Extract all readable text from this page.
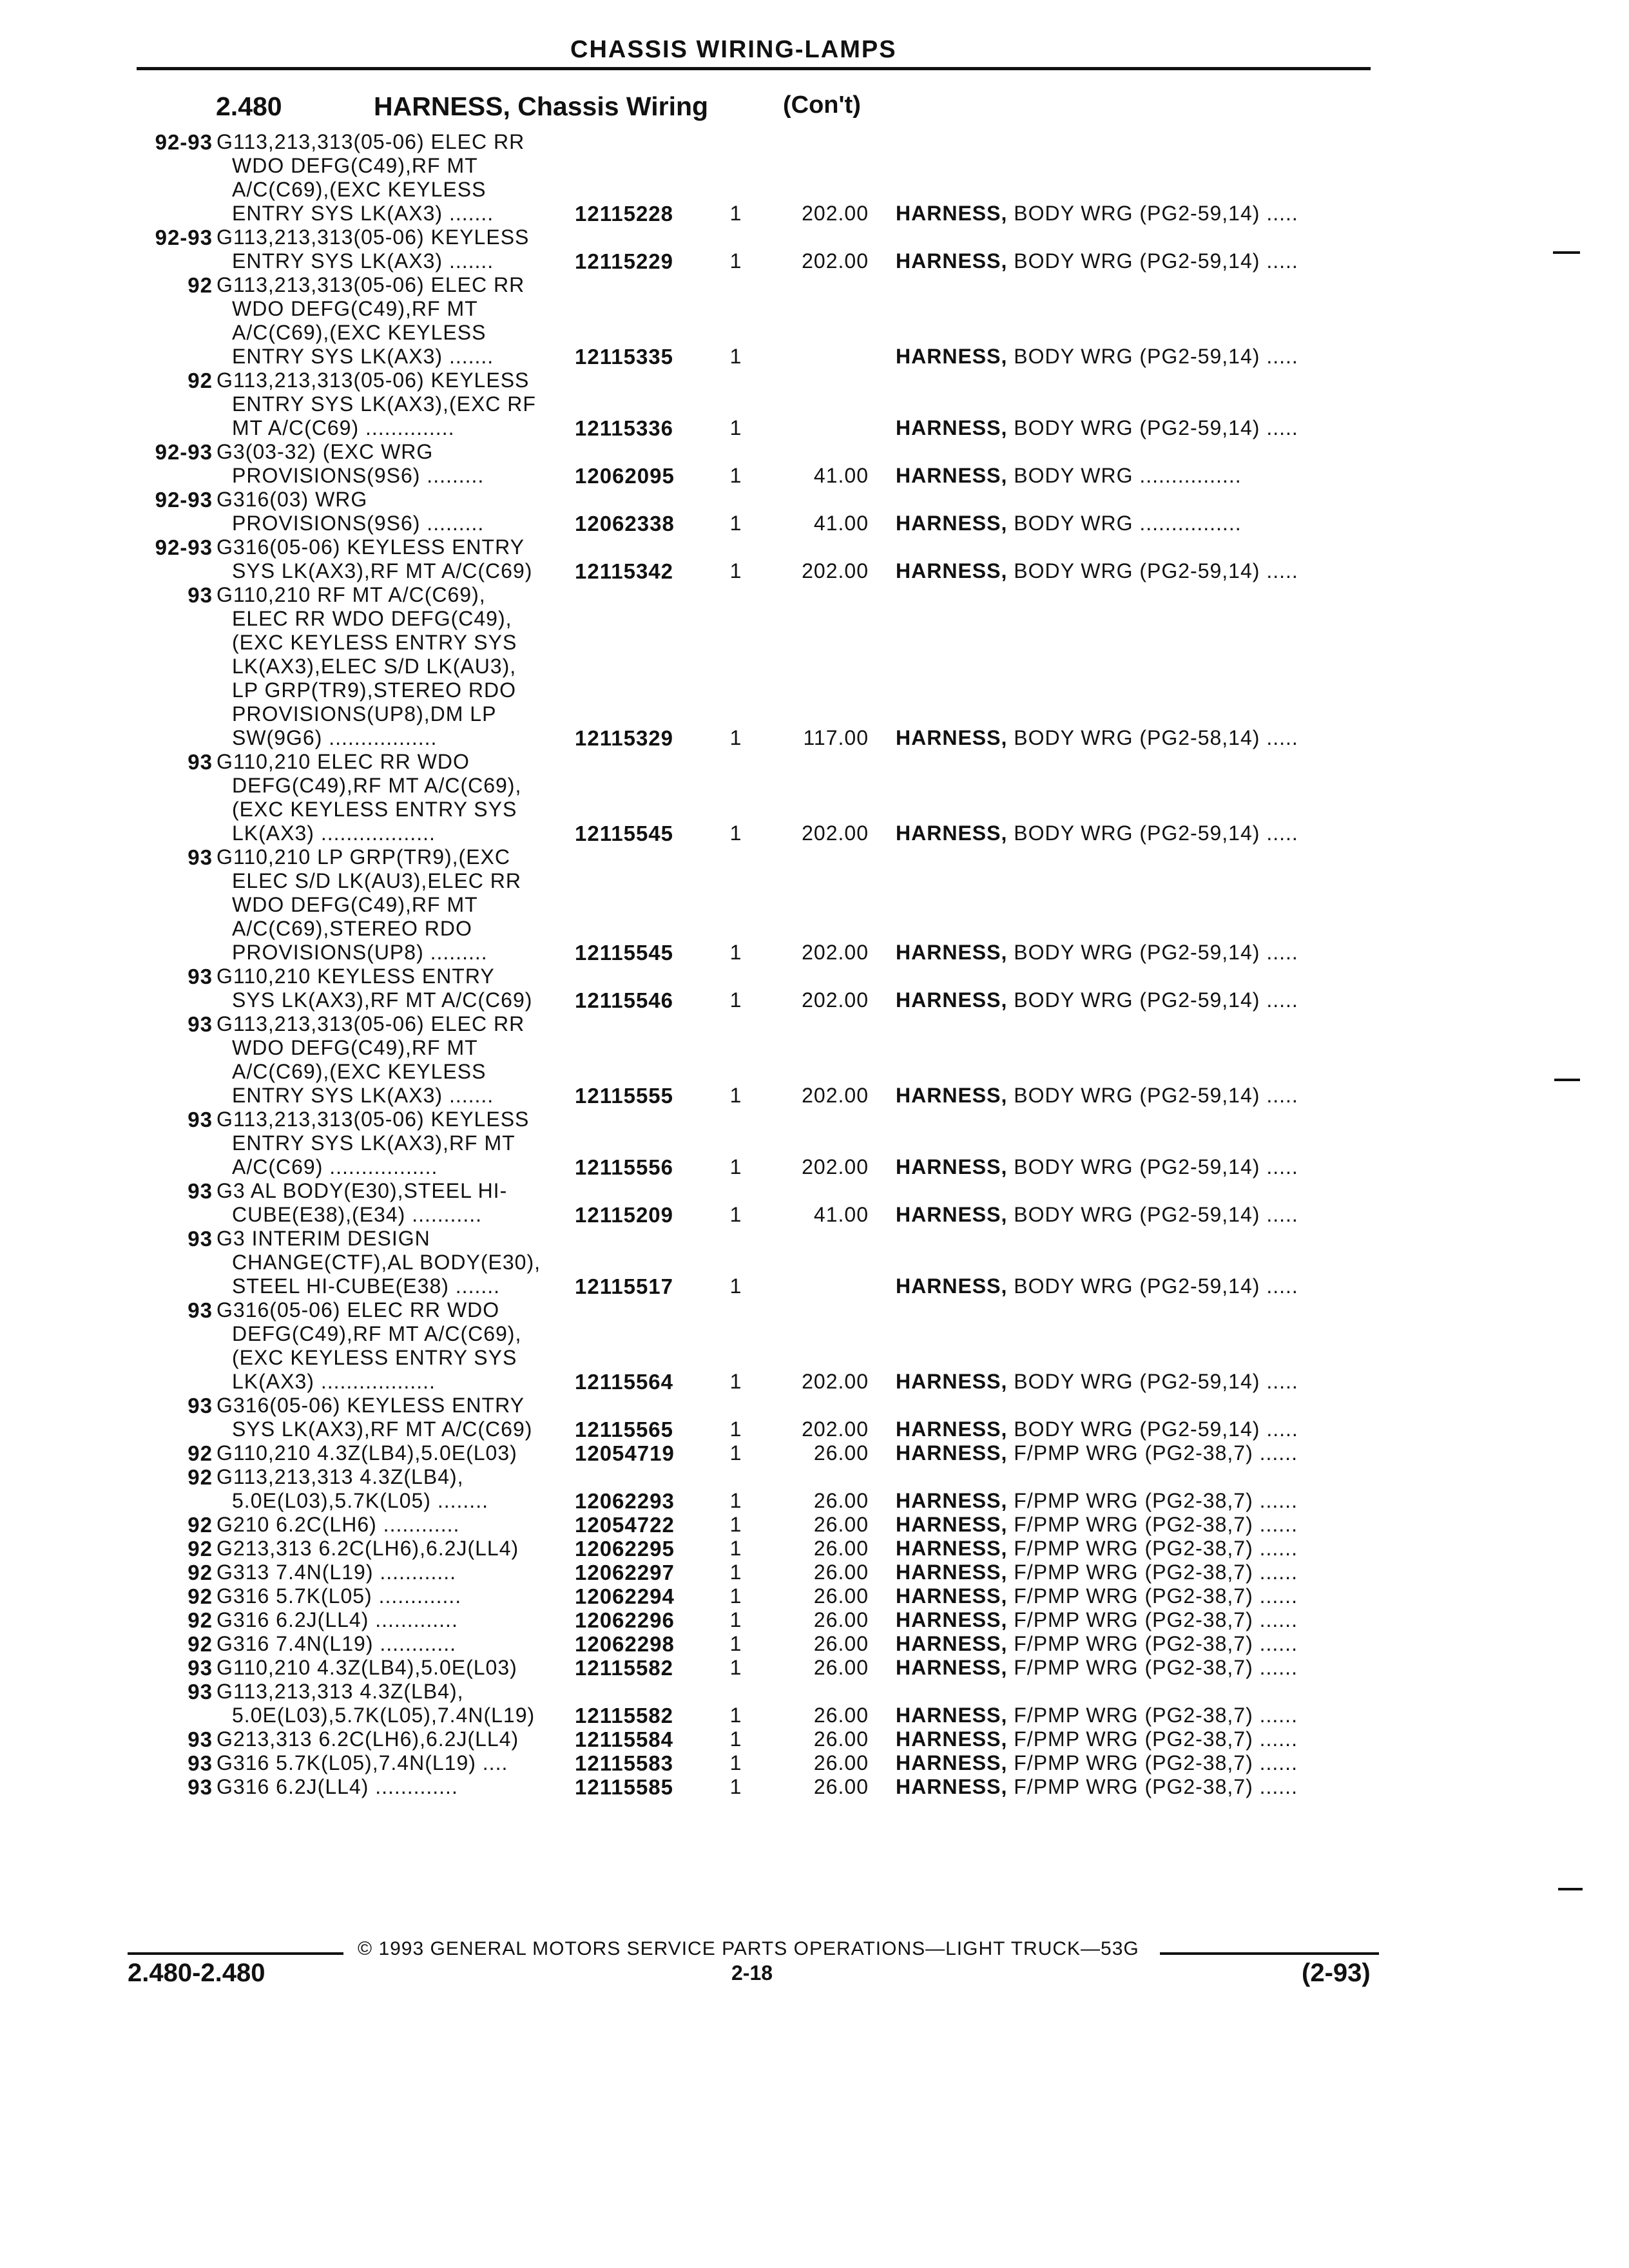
CHASSIS WIRING-LAMPS
2.480	HARNESS, Chassis Wiring	(Con't)
92-93 G113,213,313(05-06) ELEC RR
WDO DEFG(C49),RF MT
A/C(C69),(EXC KEYLESS
ENTRY SYS LK(AX3) .......	12115228	1	202.00 HARNESS, BODY WRG (PG2-59,14) .....
92-93 G113,213,313(05-06) KEYLESS
ENTRY SYS LK(AX3) .......	12115229	1	202.00 HARNESS, BODY WRG (PG2-59,14) .....
92 G113,213,313(05-06) ELEC RR
WDO DEFG(C49),RF MT
A/C(C69),(EXC KEYLESS
ENTRY SYS LK(AX3) .......	12115335	1	HARNESS, BODY WRG (PG2-59,14) .....
92 G113,213,313(05-06) KEYLESS
ENTRY SYS LK(AX3),(EXC RF
MT A/C(C69) ..............	12115336	1	HARNESS, BODY WRG (PG2-59,14) .....
92-93 G3(03-32) (EXC WRG
PROVISIONS(9S6) .........	12062095	1	41.00 HARNESS, BODY WRG ................
92-93 G316(03) WRG
PROVISIONS(9S6) .........	12062338	1	41.00 HARNESS, BODY WRG ................
92-93 G316(05-06) KEYLESS ENTRY
SYS LK(AX3),RF MT A/C(C69)	12115342	1	202.00 HARNESS, BODY WRG (PG2-59,14) .....
93 G110,210 RF MT A/C(C69),
ELEC RR WDO DEFG(C49),
(EXC KEYLESS ENTRY SYS
LK(AX3),ELEC S/D LK(AU3),
LP GRP(TR9),STEREO RDO
PROVISIONS(UP8),DM LP
SW(9G6) .................	12115329	1	117.00 HARNESS, BODY WRG (PG2-58,14) .....
93 G110,210 ELEC RR WDO
DEFG(C49),RF MT A/C(C69),
(EXC KEYLESS ENTRY SYS
LK(AX3) ..................	12115545	1	202.00 HARNESS, BODY WRG (PG2-59,14) .....
93 G110,210 LP GRP(TR9),(EXC
ELEC S/D LK(AU3),ELEC RR
WDO DEFG(C49),RF MT
A/C(C69),STEREO RDO
PROVISIONS(UP8) .........	12115545	1	202.00 HARNESS, BODY WRG (PG2-59,14) .....
93 G110,210 KEYLESS ENTRY
SYS LK(AX3),RF MT A/C(C69)	12115546	1	202.00 HARNESS, BODY WRG (PG2-59,14) .....
93 G113,213,313(05-06) ELEC RR
WDO DEFG(C49),RF MT
A/C(C69),(EXC KEYLESS
ENTRY SYS LK(AX3) .......	12115555	1	202.00 HARNESS, BODY WRG (PG2-59,14) .....
93 G113,213,313(05-06) KEYLESS
ENTRY SYS LK(AX3),RF MT
A/C(C69) .................	12115556	1	202.00 HARNESS, BODY WRG (PG2-59,14) .....
93 G3 AL BODY(E30),STEEL HI-
CUBE(E38),(E34) ...........	12115209	1	41.00 HARNESS, BODY WRG (PG2-59,14) .....
93 G3 INTERIM DESIGN
CHANGE(CTF),AL BODY(E30),
STEEL HI-CUBE(E38) .......	12115517	1	HARNESS, BODY WRG (PG2-59,14) .....
93 G316(05-06) ELEC RR WDO
DEFG(C49),RF MT A/C(C69),
(EXC KEYLESS ENTRY SYS
LK(AX3) ..................	12115564	1	202.00 HARNESS, BODY WRG (PG2-59,14) .....
93 G316(05-06) KEYLESS ENTRY
SYS LK(AX3),RF MT A/C(C69)	12115565	1	202.00 HARNESS, BODY WRG (PG2-59,14) .....
92 G110,210 4.3Z(LB4),5.0E(L03)	12054719	1	26.00 HARNESS, F/PMP WRG (PG2-38,7) ......
92 G113,213,313 4.3Z(LB4),
5.0E(L03),5.7K(L05) ........	12062293	1	26.00 HARNESS, F/PMP WRG (PG2-38,7) ......
92 G210 6.2C(LH6) ............	12054722	1	26.00 HARNESS, F/PMP WRG (PG2-38,7) ......
92 G213,313 6.2C(LH6),6.2J(LL4)	12062295	1	26.00 HARNESS, F/PMP WRG (PG2-38,7) ......
92 G313 7.4N(L19) ............	12062297	1	26.00 HARNESS, F/PMP WRG (PG2-38,7) ......
92 G316 5.7K(L05) .............	12062294	1	26.00 HARNESS, F/PMP WRG (PG2-38,7) ......
92 G316 6.2J(LL4) .............	12062296	1	26.00 HARNESS, F/PMP WRG (PG2-38,7) ......
92 G316 7.4N(L19) ............	12062298	1	26.00 HARNESS, F/PMP WRG (PG2-38,7) ......
93 G110,210 4.3Z(LB4),5.0E(L03)	12115582	1	26.00 HARNESS, F/PMP WRG (PG2-38,7) ......
93 G113,213,313 4.3Z(LB4),
5.0E(L03),5.7K(L05),7.4N(L19)	12115582	1	26.00 HARNESS, F/PMP WRG (PG2-38,7) ......
93 G213,313 6.2C(LH6),6.2J(LL4)	12115584	1	26.00 HARNESS, F/PMP WRG (PG2-38,7) ......
93 G316 5.7K(L05),7.4N(L19) ....	12115583	1	26.00 HARNESS, F/PMP WRG (PG2-38,7) ......
93 G316 6.2J(LL4) .............	12115585	1	26.00 HARNESS, F/PMP WRG (PG2-38,7) ......
© 1993 GENERAL MOTORS SERVICE PARTS OPERATIONS—LIGHT TRUCK—53G
2.480-2.480	2-18	(2-93)
